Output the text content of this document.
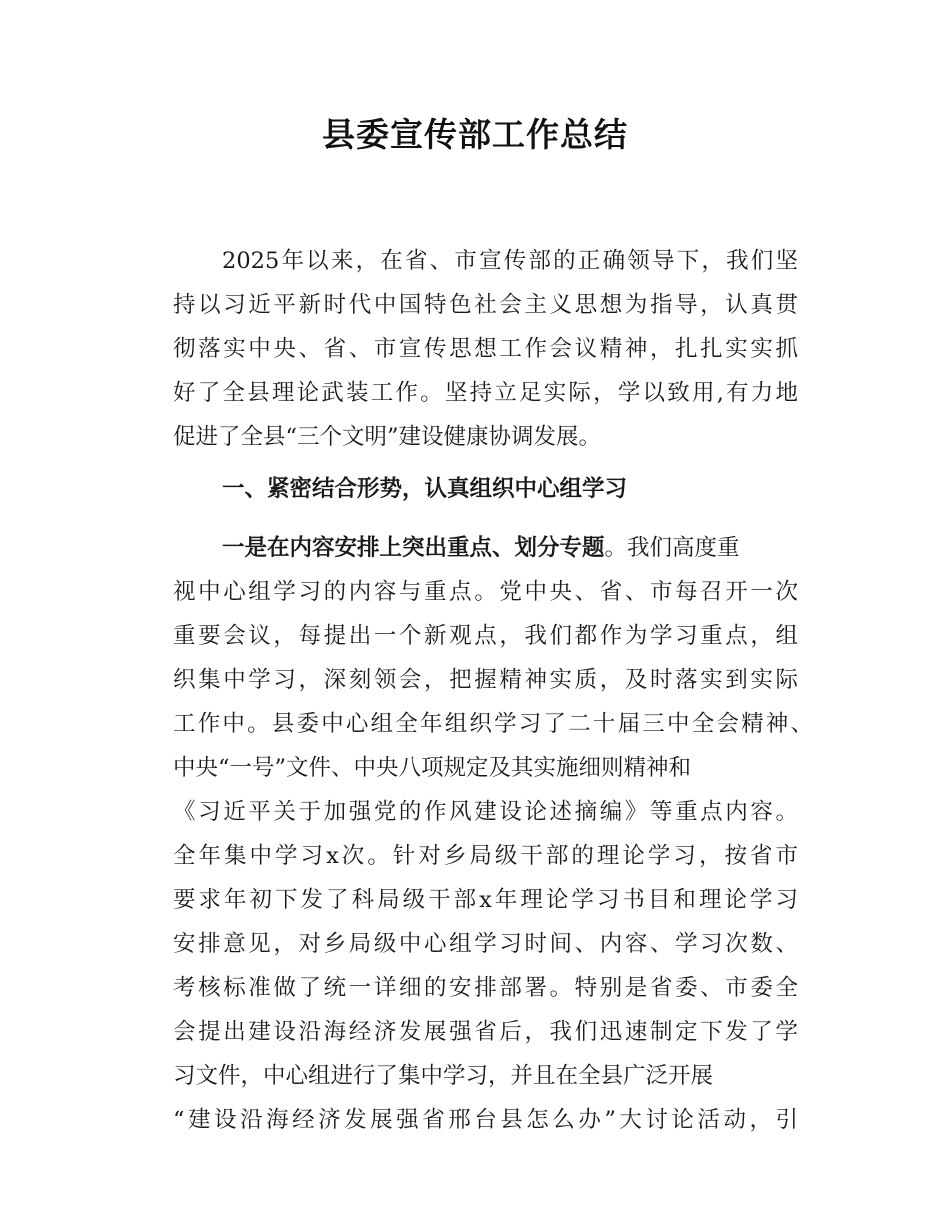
县委宣传部工作总结
2025年以来，在省、市宣传部的正确领导下，我们坚
持以习近平新时代中国特色社会主义思想为指导，认真贯
彻落实中央、省、市宣传思想工作会议精神，扎扎实实抓
好了全县理论武装工作。坚持立足实际，学以致用,有力地
促进了全县“三个文明”建设健康协调发展。
一、紧密结合形势，认真组织中心组学习
一是在内容安排上突出重点、划分专题。我们高度重
视中心组学习的内容与重点。党中央、省、市每召开一次
重要会议，每提出一个新观点，我们都作为学习重点，组
织集中学习，深刻领会，把握精神实质，及时落实到实际
工作中。县委中心组全年组织学习了二十届三中全会精神、
中央“一号”文件、中央八项规定及其实施细则精神和
《习近平关于加强党的作风建设论述摘编》等重点内容。
全年集中学习x次。针对乡局级干部的理论学习，按省市
要求年初下发了科局级干部x年理论学习书目和理论学习
安排意见，对乡局级中心组学习时间、内容、学习次数、
考核标准做了统一详细的安排部署。特别是省委、市委全
会提出建设沿海经济发展强省后，我们迅速制定下发了学
习文件，中心组进行了集中学习，并且在全县广泛开展
“建设沿海经济发展强省邢台县怎么办”大讨论活动，引
